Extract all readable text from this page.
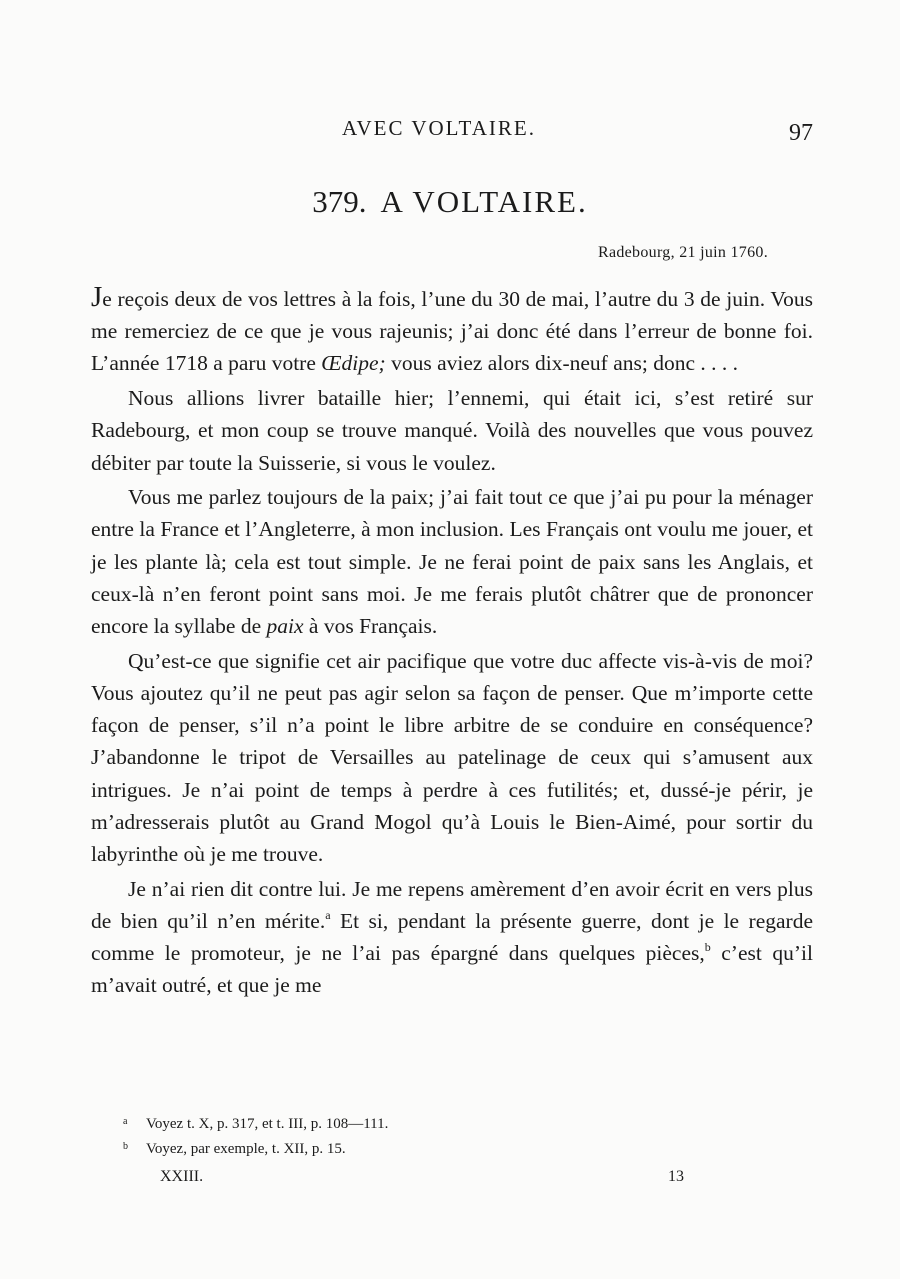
AVEC VOLTAIRE.	97
379. A VOLTAIRE.
Radebourg, 21 juin 1760.

Je reçois deux de vos lettres à la fois, l’une du 30 de mai, l’autre du 3 de juin. Vous me remerciez de ce que je vous rajeunis; j’ai donc été dans l’erreur de bonne foi. L’année 1718 a paru votre Œdipe; vous aviez alors dix-neuf ans; donc . . . .

Nous allions livrer bataille hier; l’ennemi, qui était ici, s’est retiré sur Radebourg, et mon coup se trouve manqué. Voilà des nouvelles que vous pouvez débiter par toute la Suisserie, si vous le voulez.

Vous me parlez toujours de la paix; j’ai fait tout ce que j’ai pu pour la ménager entre la France et l’Angleterre, à mon inclusion. Les Français ont voulu me jouer, et je les plante là; cela est tout simple. Je ne ferai point de paix sans les Anglais, et ceux-là n’en feront point sans moi. Je me ferais plutôt châtrer que de prononcer encore la syllabe de paix à vos Français.

Qu’est-ce que signifie cet air pacifique que votre duc affecte vis-à-vis de moi? Vous ajoutez qu’il ne peut pas agir selon sa façon de penser. Que m’importe cette façon de penser, s’il n’a point le libre arbitre de se conduire en conséquence? J’abandonne le tripot de Versailles au patelinage de ceux qui s’amusent aux intrigues. Je n’ai point de temps à perdre à ces futilités; et, dussé-je périr, je m’adresserais plutôt au Grand Mogol qu’à Louis le Bien-Aimé, pour sortir du labyrinthe où je me trouve.

Je n’ai rien dit contre lui. Je me repens amèrement d’en avoir écrit en vers plus de bien qu’il n’en mérite.$^a$ Et si, pendant la présente guerre, dont je le regarde comme le promoteur, je ne l’ai pas épargné dans quelques pièces,$^b$ c’est qu’il m’avait outré, et que je me

a Voyez t. X, p. 317, et t. III, p. 108—111.
b Voyez, par exemple, t. XII, p. 15.
XXIII.	13
